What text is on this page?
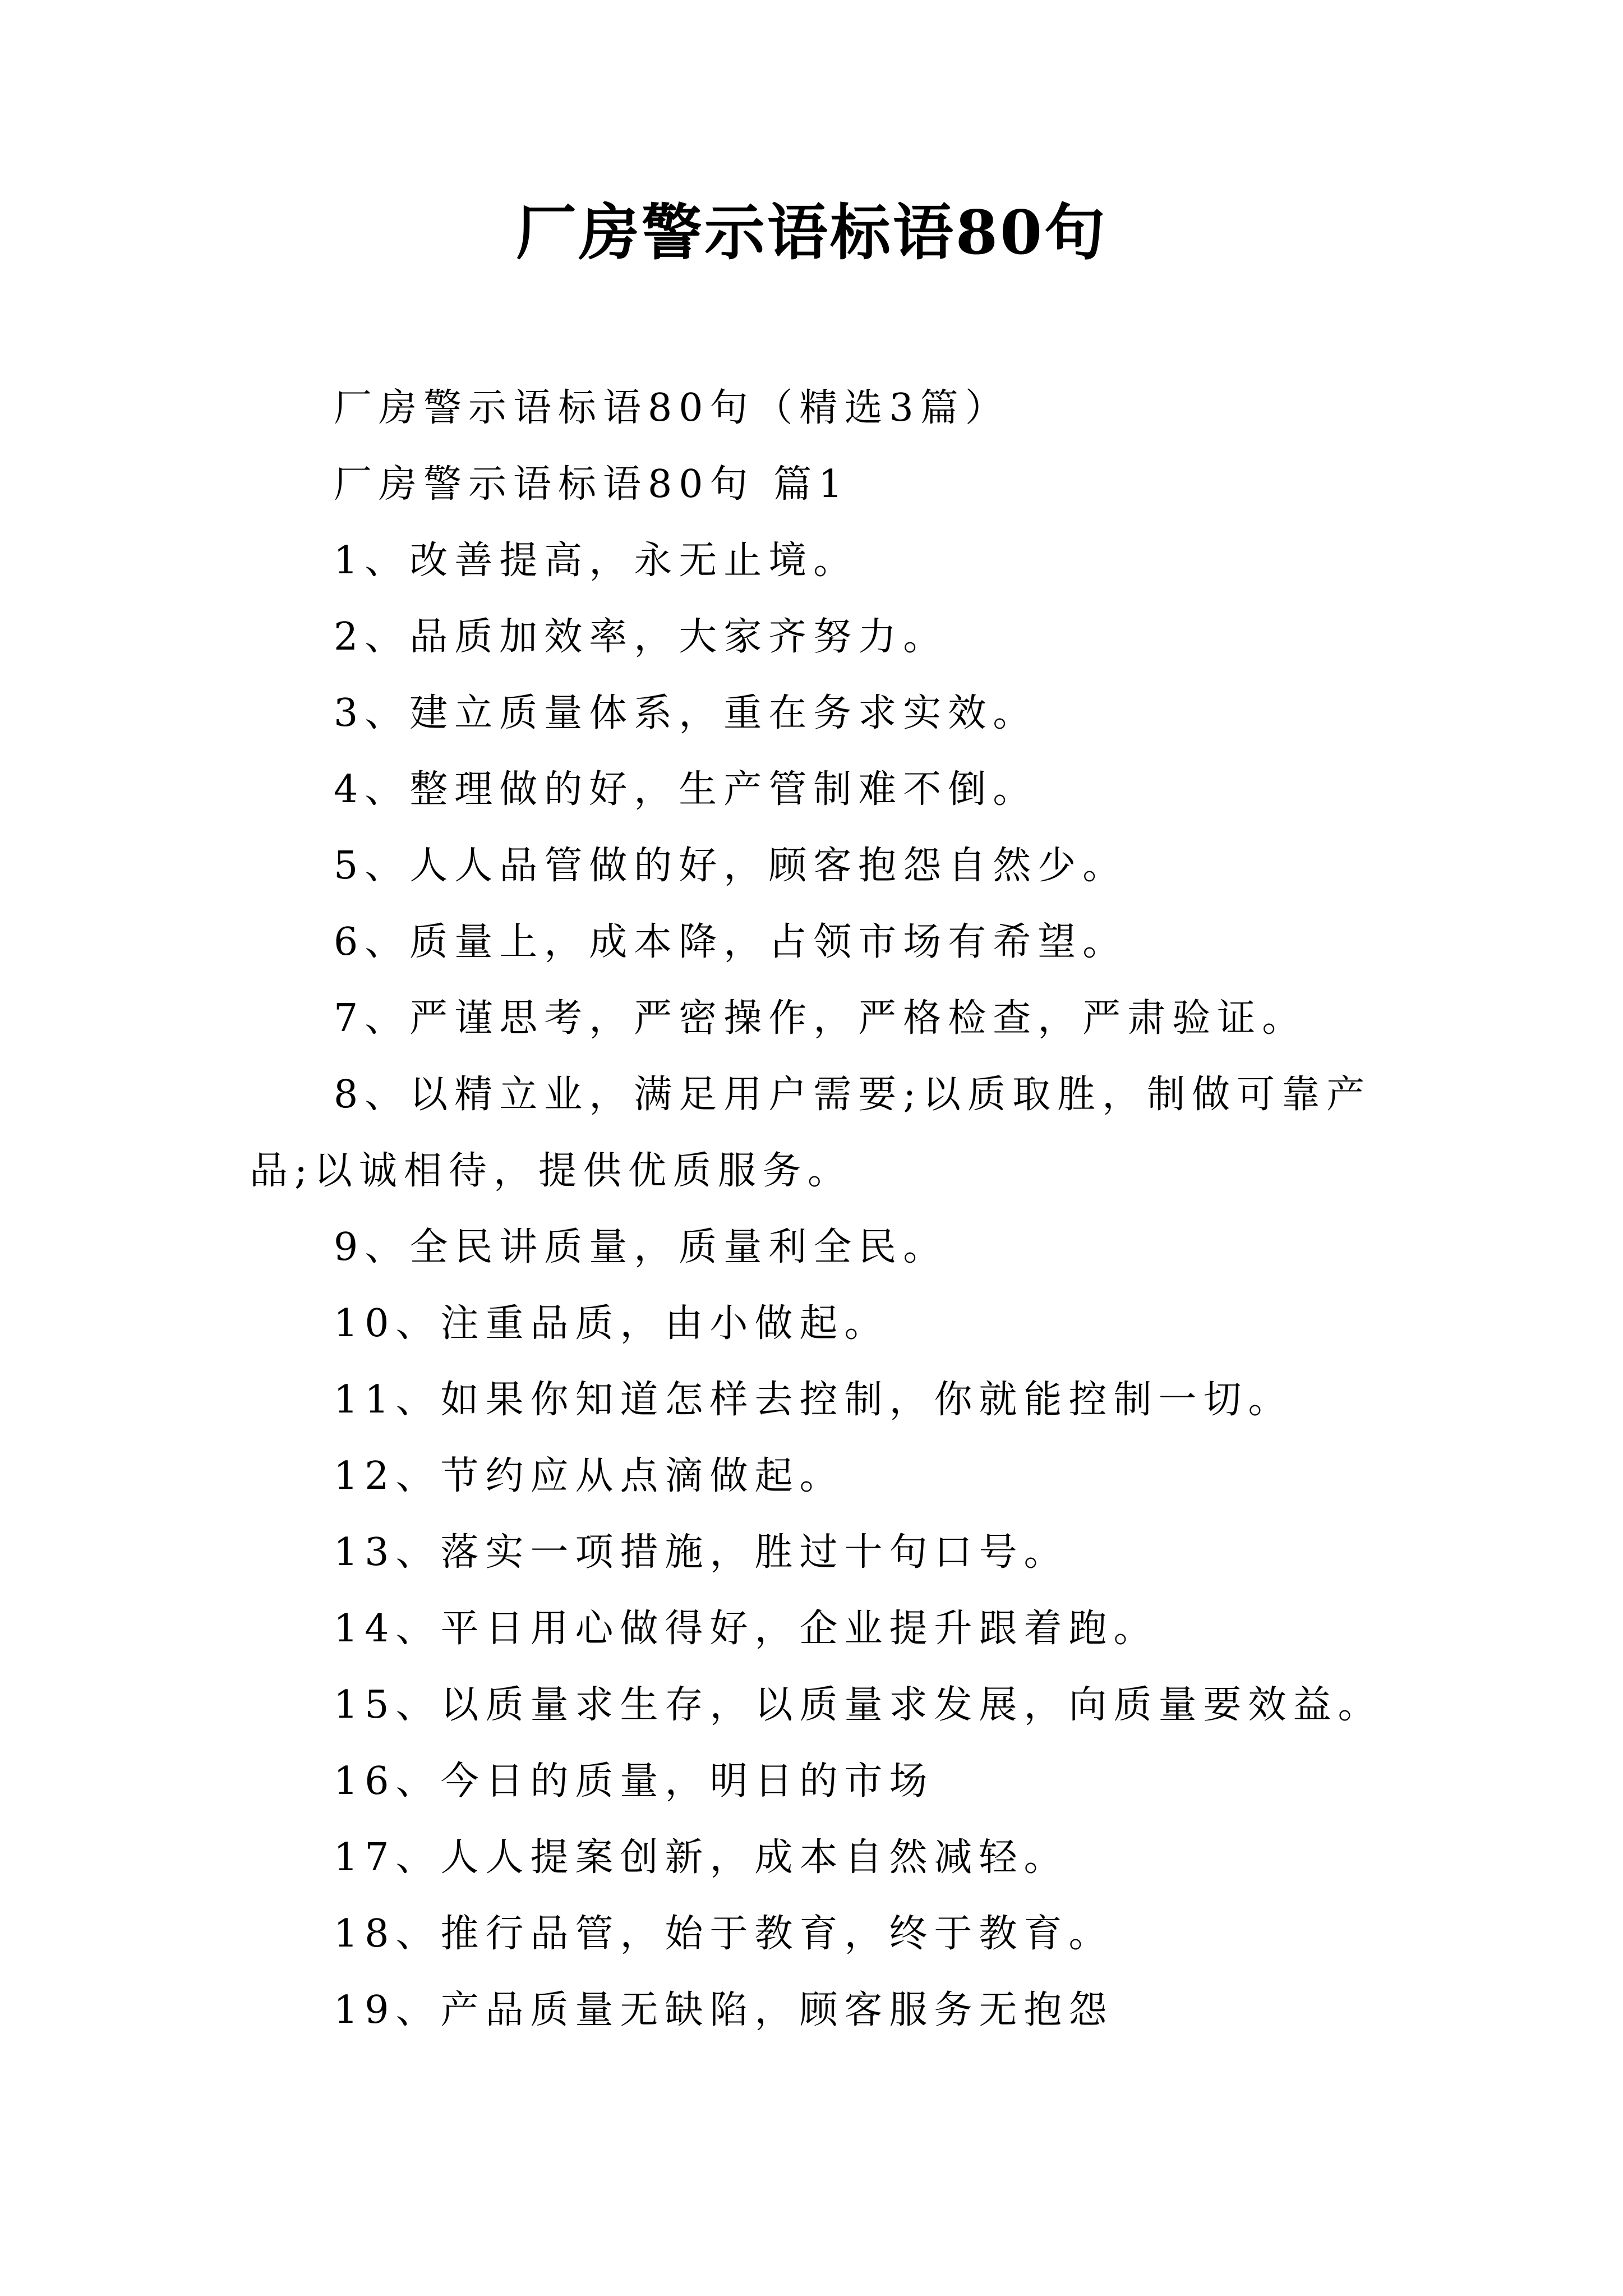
厂房警示语标语80句

厂房警示语标语80句（精选3篇）

厂房警示语标语80句 篇1

1、改善提高，永无止境。

2、品质加效率，大家齐努力。

3、建立质量体系，重在务求实效。

4、整理做的好，生产管制难不倒。

5、人人品管做的好，顾客抱怨自然少。

6、质量上，成本降，占领市场有希望。

7、严谨思考，严密操作，严格检查，严肃验证。

8、以精立业，满足用户需要;以质取胜，制做可靠产品;以诚相待，提供优质服务。

9、全民讲质量，质量利全民。

10、注重品质，由小做起。

11、如果你知道怎样去控制，你就能控制一切。

12、节约应从点滴做起。

13、落实一项措施，胜过十句口号。

14、平日用心做得好，企业提升跟着跑。

15、以质量求生存，以质量求发展，向质量要效益。

16、今日的质量，明日的市场

17、人人提案创新，成本自然减轻。

18、推行品管，始于教育，终于教育。

19、产品质量无缺陷，顾客服务无抱怨
